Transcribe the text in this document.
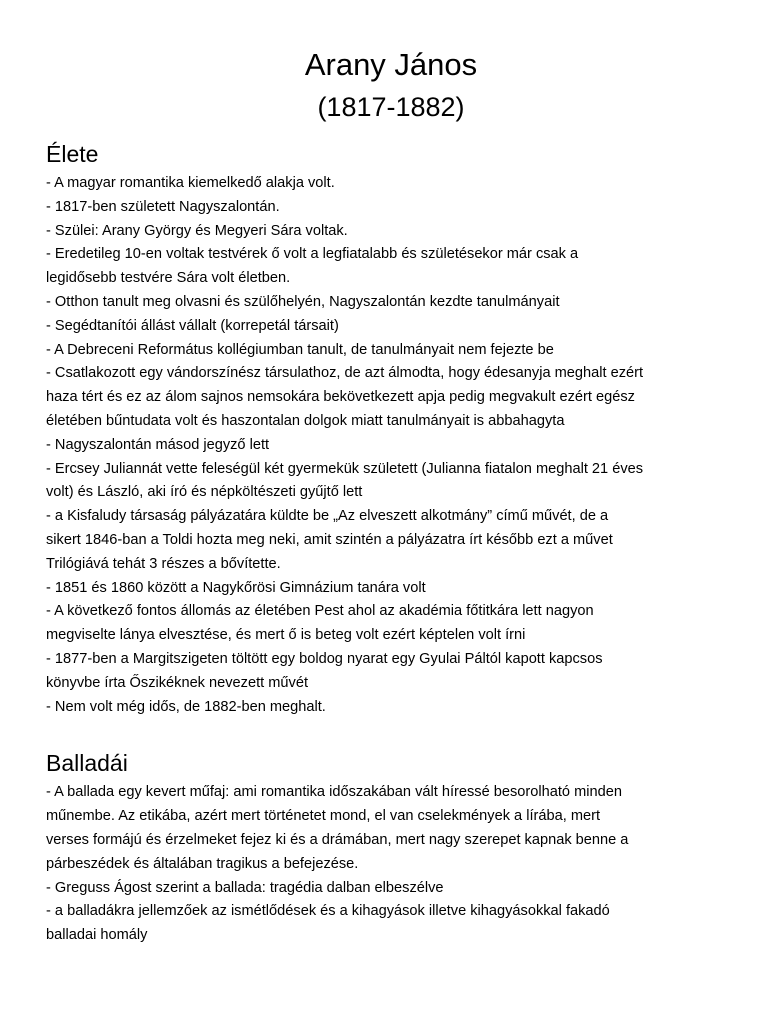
Arany János
(1817-1882)
Élete
- A magyar romantika kiemelkedő alakja volt.
- 1817-ben született Nagyszalontán.
- Szülei: Arany György és Megyeri Sára voltak.
- Eredetileg 10-en voltak testvérek ő volt a legfiatalabb és születésekor már csak a
legidősebb testvére Sára volt életben.
- Otthon tanult meg olvasni és szülőhelyén, Nagyszalontán kezdte tanulmányait
- Segédtanítói állást vállalt (korrepetál társait)
- A Debreceni Református kollégiumban tanult, de tanulmányait nem fejezte be
- Csatlakozott egy vándorszínész társulathoz, de azt álmodta, hogy édesanyja meghalt ezért
haza tért és ez az álom sajnos nemsokára bekövetkezett apja pedig megvakult ezért egész
életében bűntudata volt és haszontalan dolgok miatt tanulmányait is abbahagyta
- Nagyszalontán másod jegyző lett
- Ercsey Juliannát vette feleségül két gyermekük született (Julianna fiatalon meghalt 21 éves
volt) és László, aki író és népköltészeti gyűjtő lett
- a Kisfaludy társaság pályázatára küldte be „Az elveszett alkotmány” című művét, de a
sikert 1846-ban a Toldi hozta meg neki, amit szintén a pályázatra írt később ezt a művet
Trilógiává tehát 3 részes a bővítette.
- 1851 és 1860 között a Nagykőrösi Gimnázium tanára volt
- A következő fontos állomás az életében Pest ahol az akadémia főtitkára lett nagyon
megviselte lánya elvesztése, és mert ő is beteg volt ezért képtelen volt írni
- 1877-ben a Margitszigeten töltött egy boldog nyarat egy Gyulai Páltól kapott kapcsos
könyvbe írta Őszikéknek nevezett művét
- Nem volt még idős, de 1882-ben meghalt.
Balladái
- A ballada egy kevert műfaj: ami romantika időszakában vált híressé besorolható minden
műnembe. Az etikába, azért mert történetet mond, el van cselekmények a lírába, mert
verses formájú és érzelmeket fejez ki és a drámában, mert nagy szerepet kapnak benne a
párbeszédek és általában tragikus a befejezése.
- Greguss Ágost szerint a ballada: tragédia dalban elbeszélve
- a balladákra jellemzőek az ismétlődések és a kihagyások illetve kihagyásokkal fakadó
balladai homály
